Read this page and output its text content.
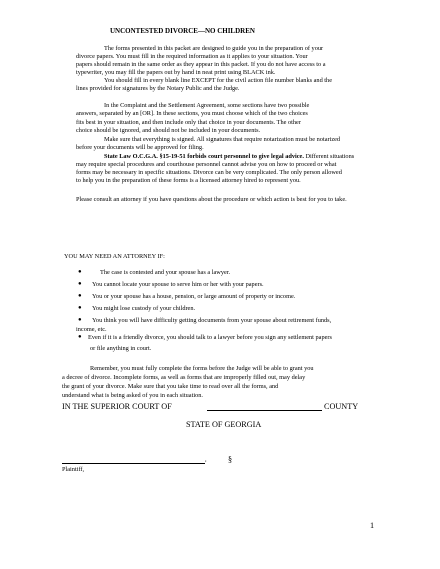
UNCONTESTED DIVORCE—NO CHILDREN
The forms presented in this packet are designed to guide you in the preparation of your
divorce papers. You must fill in the required information as it applies to your situation. Your
papers should remain in the same order as they appear in this packet. If you do not have access to a
typewriter, you may fill the papers out by hand in neat print using BLACK ink.
You should fill in every blank line EXCEPT for the civil action file number blanks and the
lines provided for signatures by the Notary Public and the Judge.
In the Complaint and the Settlement Agreement, some sections have two possible
answers, separated by an [OR]. In these sections, you must choose which of the two choices
fits best in your situation, and then include only that choice in your documents. The other
choice should be ignored, and should not be included in your documents.
Make sure that everything is signed. All signatures that require notarization must be notarized
before your documents will be approved for filing.
State Law O.C.G.A. §15-19-51 forbids court personnel to give legal advice. Different situations
may require special procedures and courthouse personnel cannot advise you on how to proceed or what
forms may be necessary in specific situations. Divorce can be very complicated. The only person allowed
to help you in the preparation of these forms is a licensed attorney hired to represent you.
Please consult an attorney if you have questions about the procedure or which action is best for you to take.
YOU MAY NEED AN ATTORNEY IF:
●	The case is contested and your spouse has a lawyer.
● You cannot locate your spouse to serve him or her with your papers.
● You or your spouse has a house, pension, or large amount of property or income.
● You might lose custody of your children.
● You think you will have difficulty getting documents from your spouse about retirement funds,
income, etc.
● Even if it is a friendly divorce, you should talk to a lawyer before you sign any settlement papers
or file anything in court.
Remember, you must fully complete the forms before the Judge will be able to grant you
a decree of divorce. Incomplete forms, as well as forms that are improperly filled out, may delay
the grant of your divorce. Make sure that you take time to read over all the forms, and
understand what is being asked of you in each situation.
IN THE SUPERIOR COURT OF	COUNTY
STATE OF GEORGIA
,	§
Plaintiff,
1
